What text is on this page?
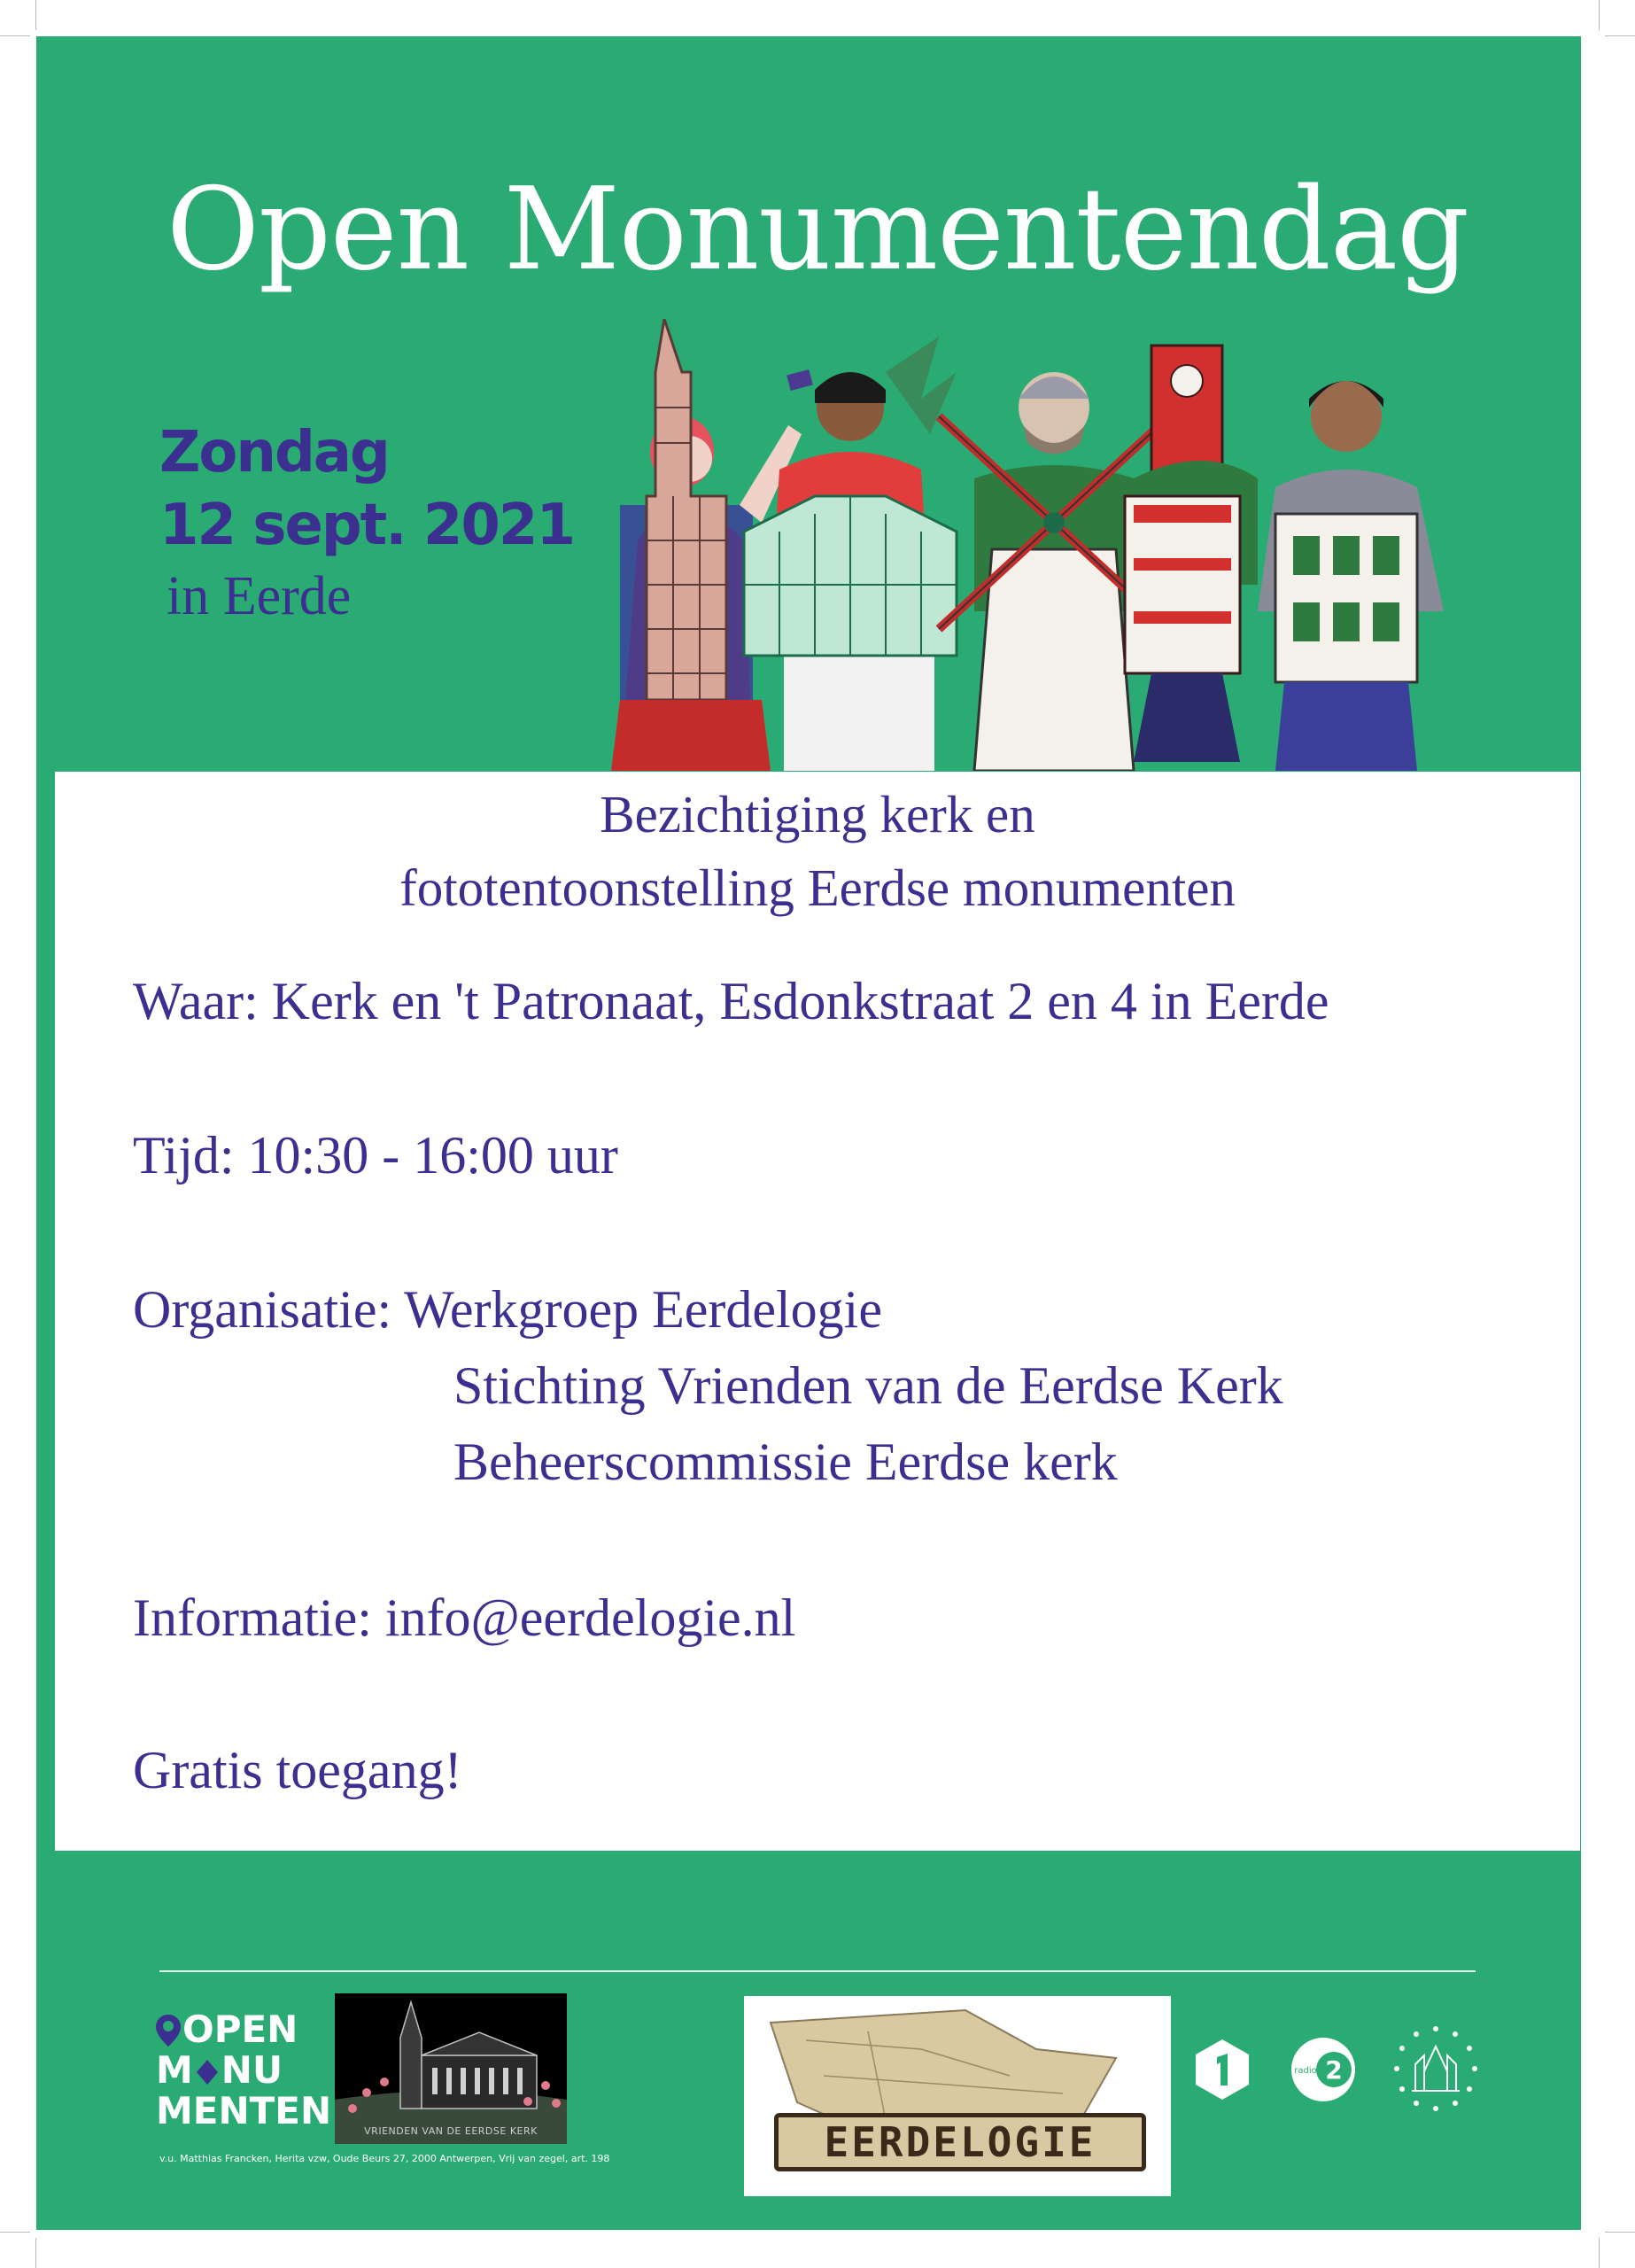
Open Monumentendag
Zondag
12 sept. 2021
in Eerde
Bezichtiging kerk en
fototentoonstelling Eerdse monumenten
Waar: Kerk en 't Patronaat, Esdonkstraat 2 en 4 in Eerde
Tijd: 10:30 - 16:00 uur
Organisatie: Werkgroep Eerdelogie
Stichting Vrienden van de Eerdse Kerk
Beheerscommissie Eerdse kerk
Informatie: info@eerdelogie.nl
Gratis toegang!
OPEN
M NU
MENTEN	VRIENDEN VAN DE EERDSE KERK
v.u. Matthias Francken, Herita vzw, Oude Beurs 27, 2000 Antwerpen, Vrij van zegel, art. 198	EERDELOGIE
2
radio
